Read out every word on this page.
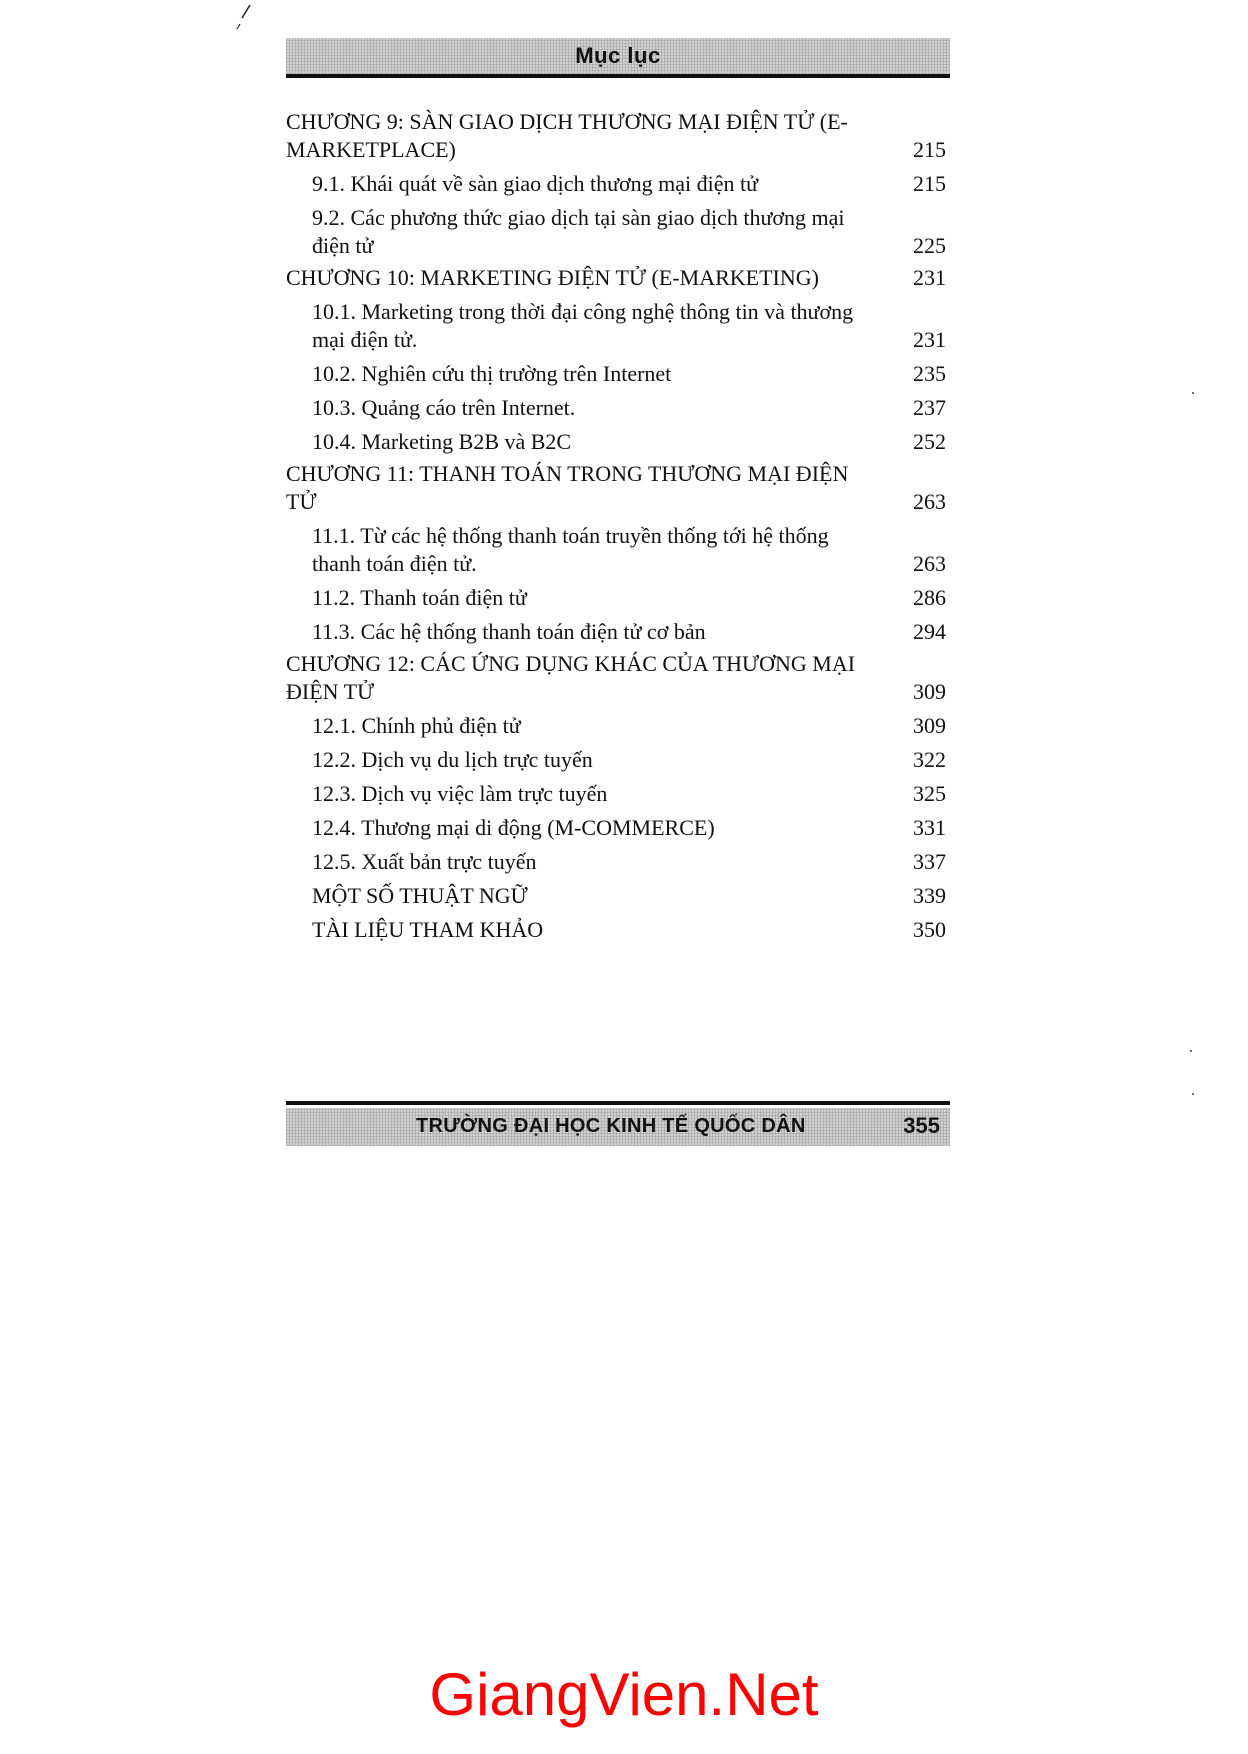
Mục lục
CHƯƠNG 9: SÀN GIAO DỊCH THƯƠNG MẠI ĐIỆN TỬ (E-MARKETPLACE)	215
9.1. Khái quát về sàn giao dịch thương mại điện tử	215
9.2. Các phương thức giao dịch tại sàn giao dịch thương mại điện tử	225
CHƯƠNG 10: MARKETING ĐIỆN TỬ (E-MARKETING)	231
10.1. Marketing trong thời đại công nghệ thông tin và thương mại điện tử.	231
10.2. Nghiên cứu thị trường trên Internet	235
10.3. Quảng cáo trên Internet.	237
10.4. Marketing B2B và B2C	252
CHƯƠNG 11: THANH TOÁN TRONG THƯƠNG MẠI ĐIỆN TỬ	263
11.1. Từ các hệ thống thanh toán truyền thống tới hệ thống thanh toán điện tử.	263
11.2. Thanh toán điện tử	286
11.3. Các hệ thống thanh toán điện tử cơ bản	294
CHƯƠNG 12: CÁC ỨNG DỤNG KHÁC CỦA THƯƠNG MẠI ĐIỆN TỬ	309
12.1. Chính phủ điện tử	309
12.2. Dịch vụ du lịch trực tuyến	322
12.3. Dịch vụ việc làm trực tuyến	325
12.4. Thương mại di động (M-COMMERCE)	331
12.5. Xuất bản trực tuyến	337
MỘT SỐ THUẬT NGỮ	339
TÀI LIỆU THAM KHẢO	350
TRƯỜNG ĐẠI HỌC KINH TẾ QUỐC DÂN	355
GiangVien.Net
